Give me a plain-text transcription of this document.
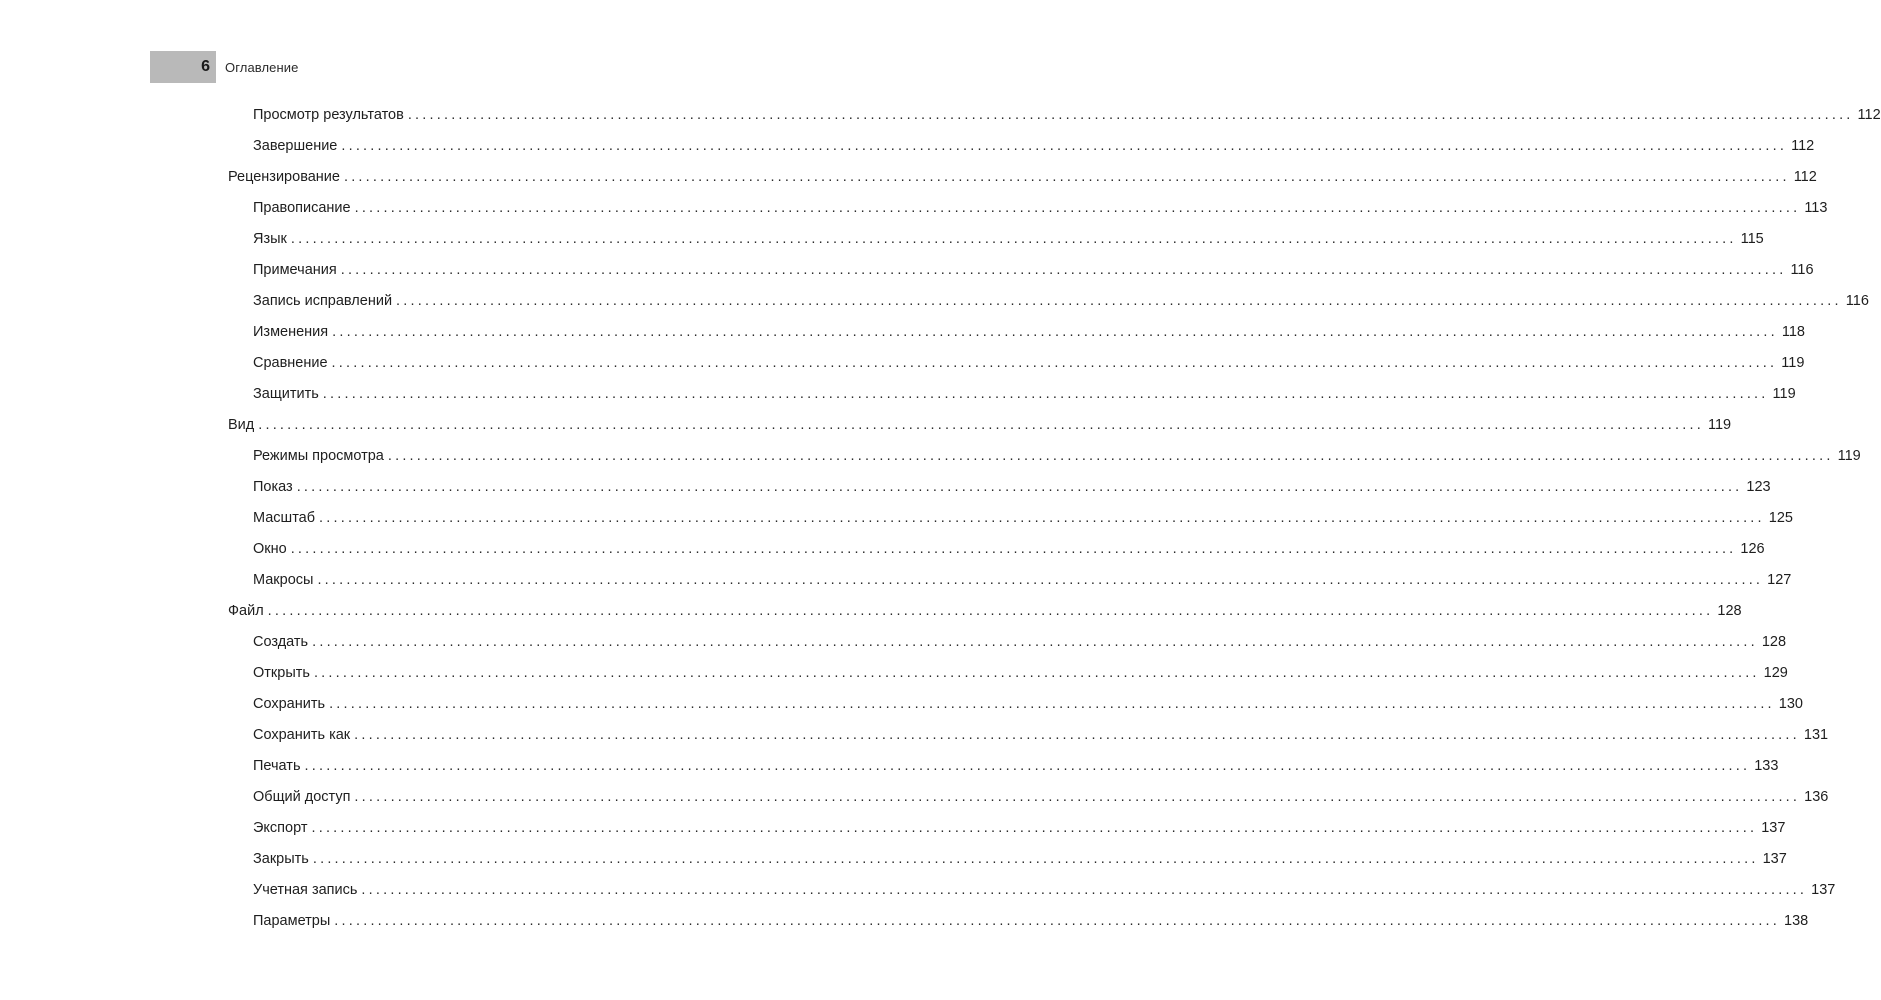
6	Оглавление
Просмотр результатов ........................................................................................................................................................................................................ 112
Завершение ........................................................................................................................................................................................................ 112
Рецензирование ........................................................................................................................................................................................................ 112
Правописание ........................................................................................................................................................................................................ 113
Язык ........................................................................................................................................................................................................ 115
Примечания ........................................................................................................................................................................................................ 116
Запись исправлений ........................................................................................................................................................................................................ 116
Изменения ........................................................................................................................................................................................................ 118
Сравнение ........................................................................................................................................................................................................ 119
Защитить ........................................................................................................................................................................................................ 119
Вид ........................................................................................................................................................................................................ 119
Режимы просмотра ........................................................................................................................................................................................................ 119
Показ ........................................................................................................................................................................................................ 123
Масштаб ........................................................................................................................................................................................................ 125
Окно ........................................................................................................................................................................................................ 126
Макросы ........................................................................................................................................................................................................ 127
Файл ........................................................................................................................................................................................................ 128
Создать ........................................................................................................................................................................................................ 128
Открыть ........................................................................................................................................................................................................ 129
Сохранить ........................................................................................................................................................................................................ 130
Сохранить как ........................................................................................................................................................................................................ 131
Печать ........................................................................................................................................................................................................ 133
Общий доступ ........................................................................................................................................................................................................ 136
Экспорт ........................................................................................................................................................................................................ 137
Закрыть ........................................................................................................................................................................................................ 137
Учетная запись ........................................................................................................................................................................................................ 137
Параметры ........................................................................................................................................................................................................ 138
